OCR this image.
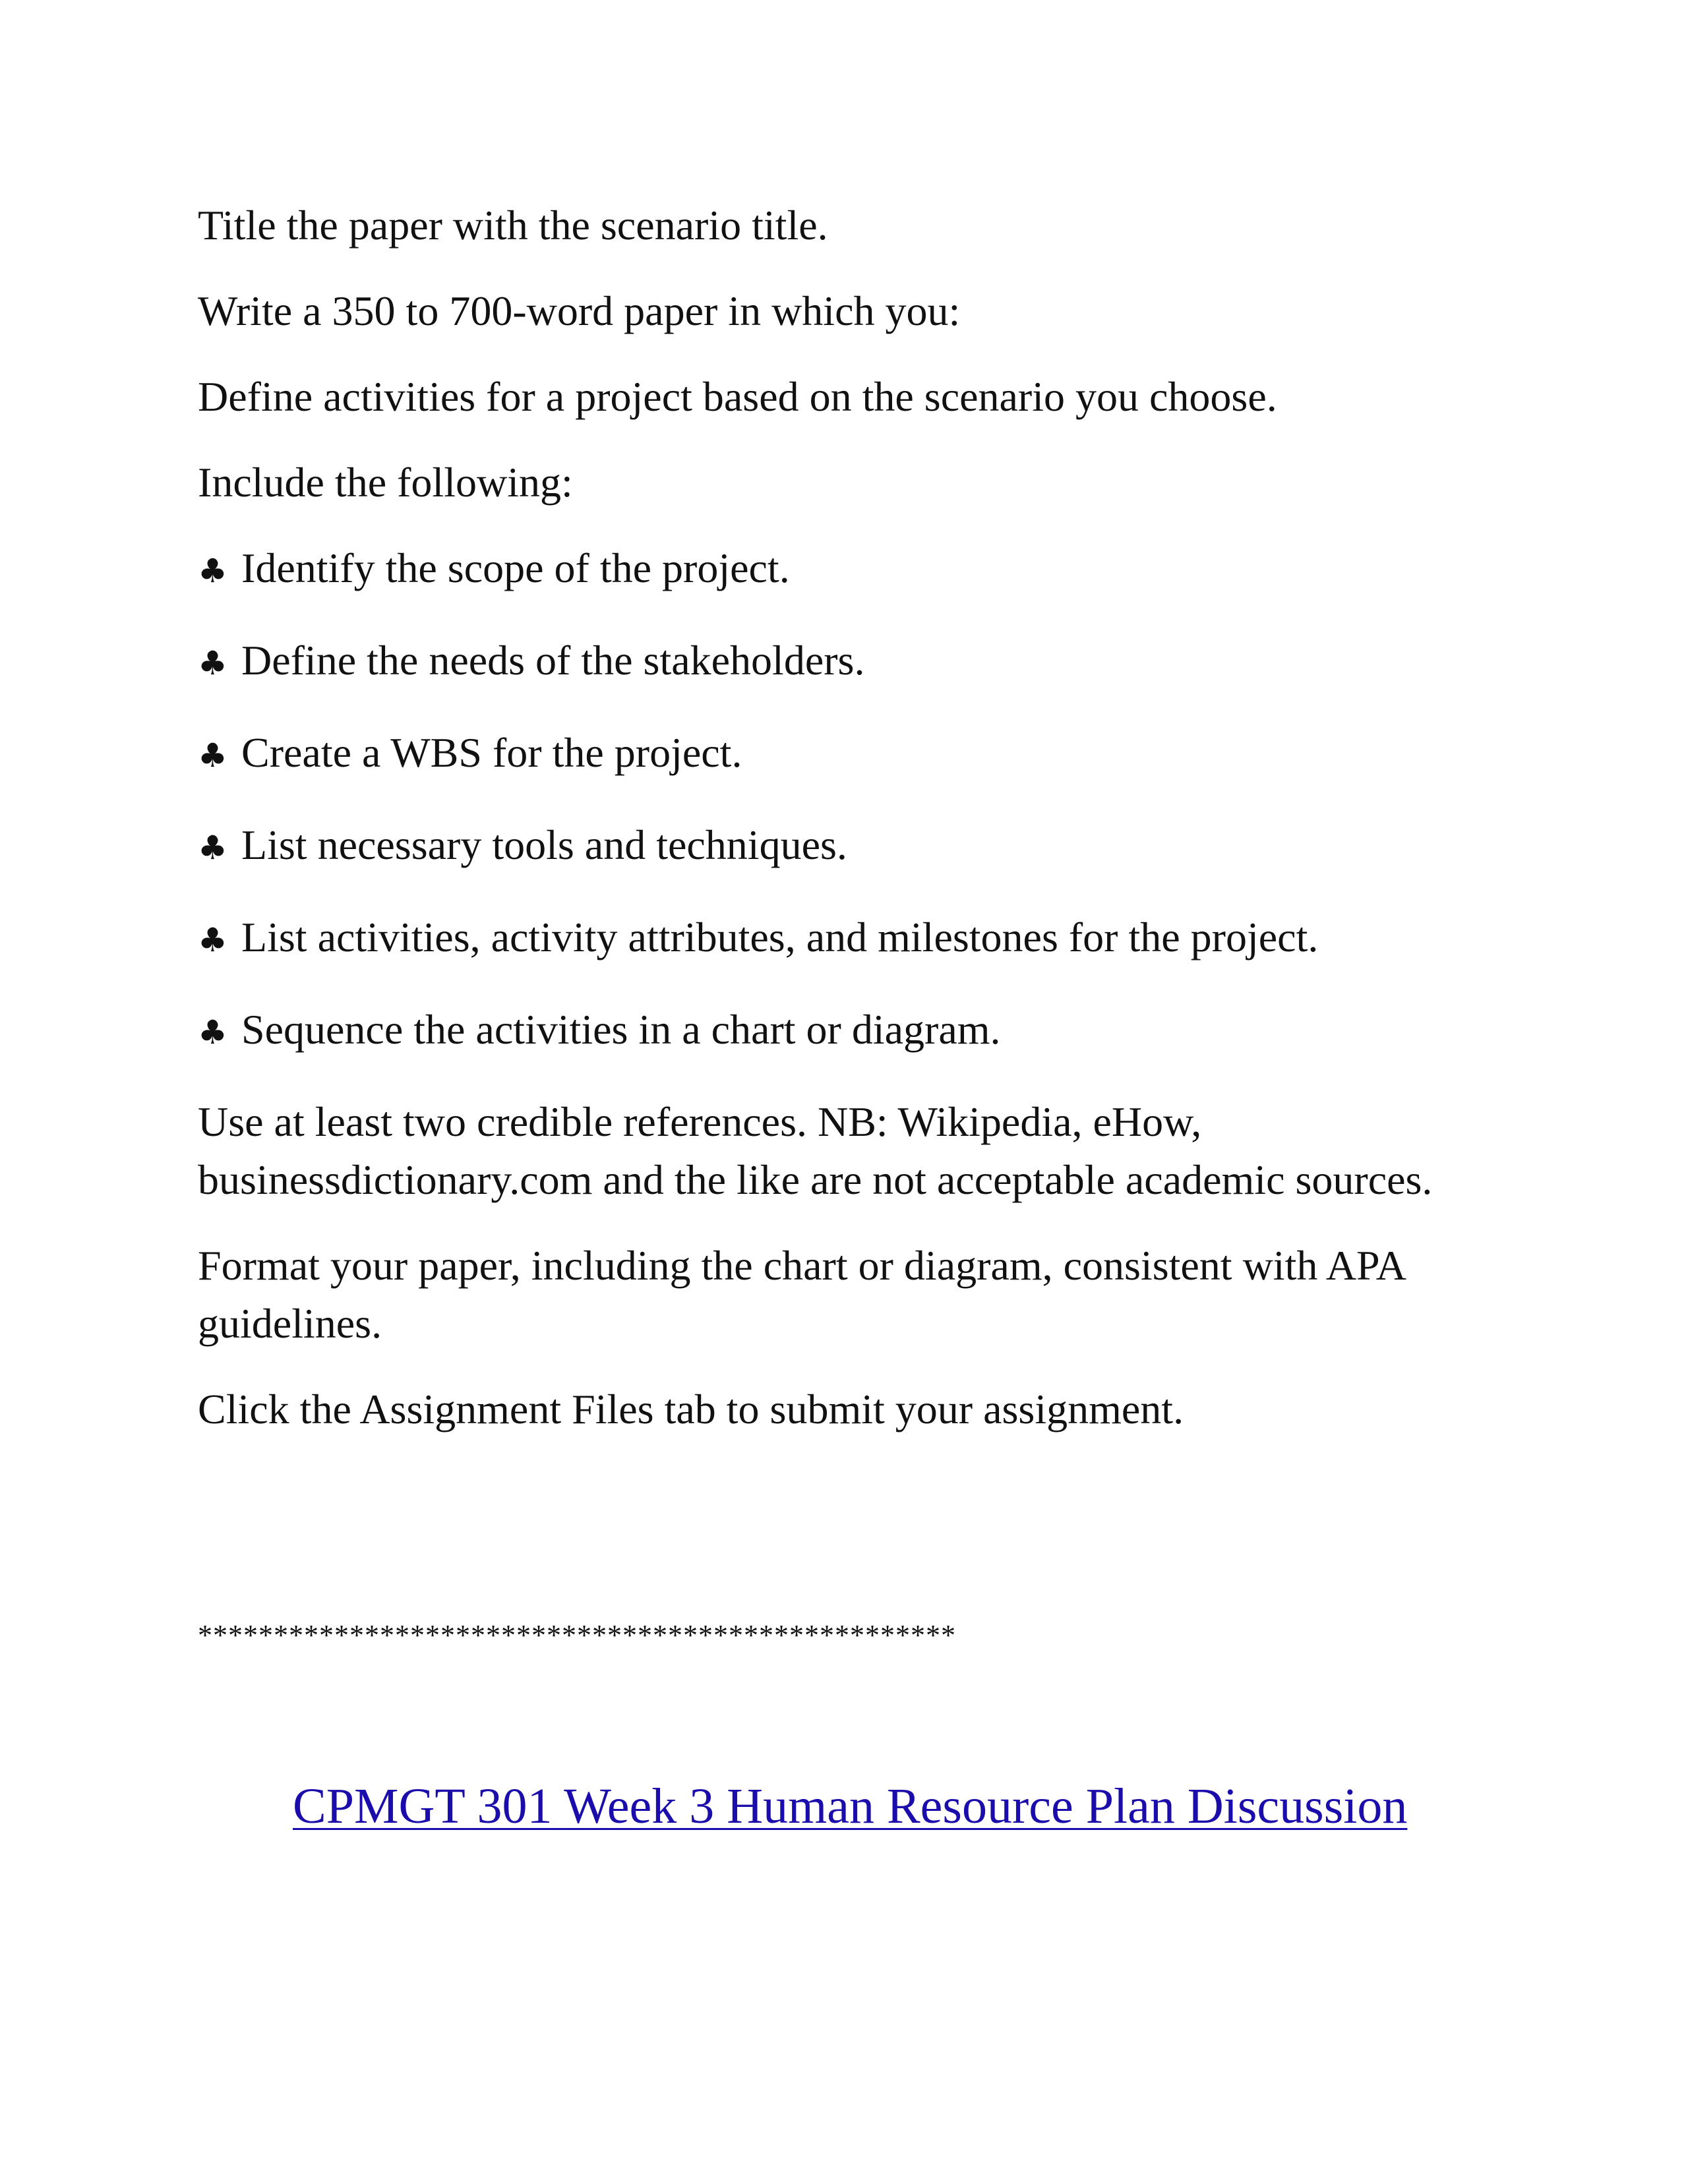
Title the paper with the scenario title.

Write a 350 to 700-word paper in which you:

Define activities for a project based on the scenario you choose.

Include the following:

♣ Identify the scope of the project.
♣ Define the needs of the stakeholders.
♣ Create a WBS for the project.
♣ List necessary tools and techniques.
♣ List activities, activity attributes, and milestones for the project.
♣ Sequence the activities in a chart or diagram.

Use at least two credible references. NB: Wikipedia, eHow, businessdictionary.com and the like are not acceptable academic sources.

Format your paper, including the chart or diagram, consistent with APA guidelines.

Click the Assignment Files tab to submit your assignment.

**************************************************
CPMGT 301 Week 3 Human Resource Plan Discussion
